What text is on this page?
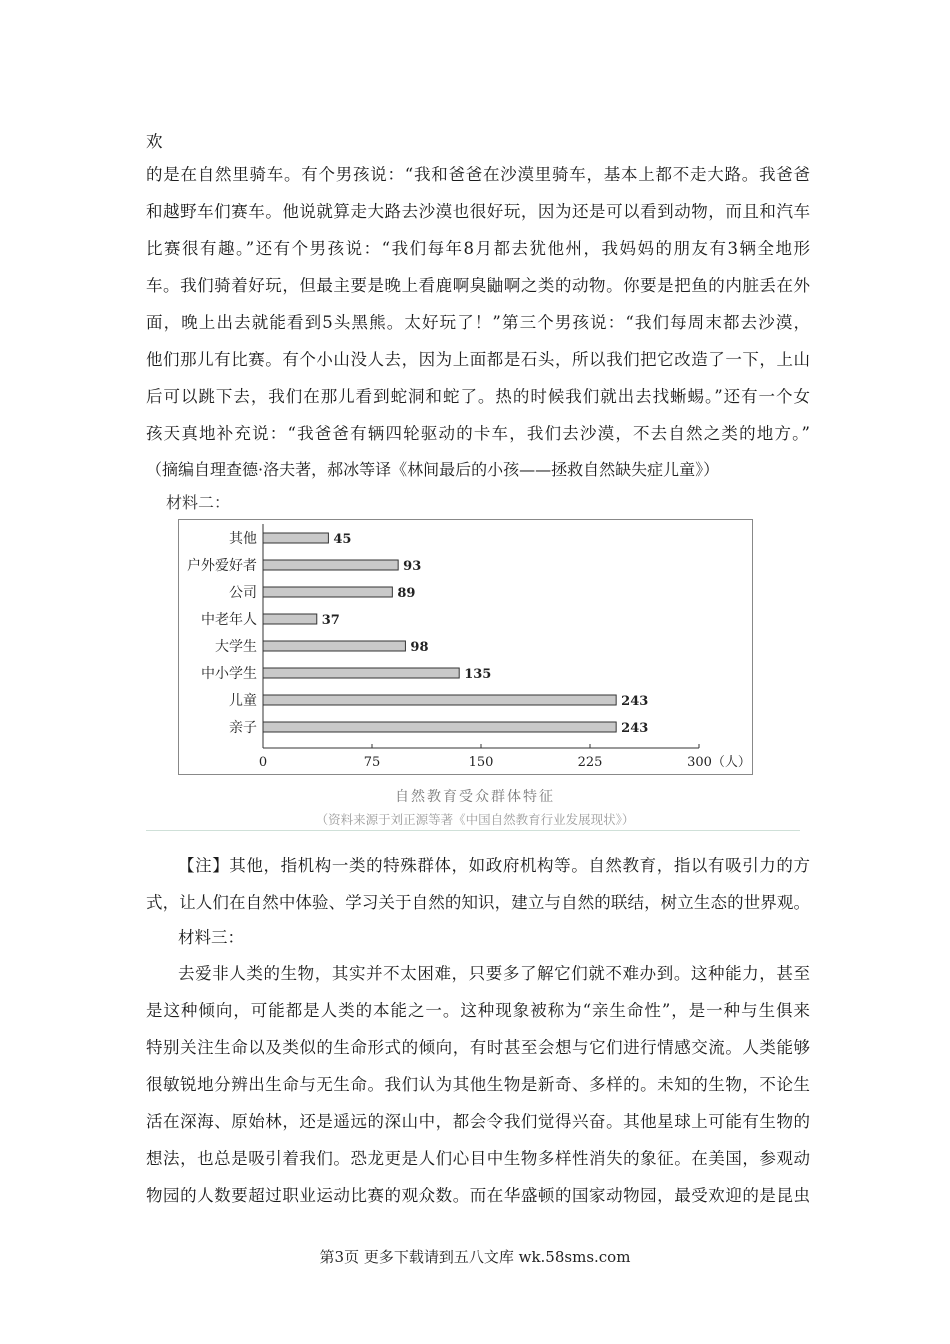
欢
的是在自然里骑车。有个男孩说：“我和爸爸在沙漠里骑车，基本上都不走大路。我爸爸
和越野车们赛车。他说就算走大路去沙漠也很好玩，因为还是可以看到动物，而且和汽车
比赛很有趣。”还有个男孩说：“我们每年8月都去犹他州，我妈妈的朋友有3辆全地形
车。我们骑着好玩，但最主要是晚上看鹿啊臭鼬啊之类的动物。你要是把鱼的内脏丢在外
面，晚上出去就能看到5头黑熊。太好玩了！”第三个男孩说：“我们每周末都去沙漠，
他们那儿有比赛。有个小山没人去，因为上面都是石头，所以我们把它改造了一下，上山
后可以跳下去，我们在那儿看到蛇洞和蛇了。热的时候我们就出去找蜥蜴。”还有一个女
孩天真地补充说：“我爸爸有辆四轮驱动的卡车，我们去沙漠，不去自然之类的地方。”
（摘编自理查德·洛夫著，郝冰等译《林间最后的小孩——拯救自然缺失症儿童》）
材料二：
0	75	150	225	300（人）
其他	45
户外爱好者	93
公司	89
中老年人	37
大学生	98
中小学生	135
儿童	243
亲子	243
自然教育受众群体特征
（资料来源于刘正源等著《中国自然教育行业发展现状》）
【注】其他，指机构一类的特殊群体，如政府机构等。自然教育，指以有吸引力的方
式，让人们在自然中体验、学习关于自然的知识，建立与自然的联结，树立生态的世界观。
材料三：
去爱非人类的生物，其实并不太困难，只要多了解它们就不难办到。这种能力，甚至
是这种倾向，可能都是人类的本能之一。这种现象被称为“亲生命性”，是一种与生俱来
特别关注生命以及类似的生命形式的倾向，有时甚至会想与它们进行情感交流。人类能够
很敏锐地分辨出生命与无生命。我们认为其他生物是新奇、多样的。未知的生物，不论生
活在深海、原始林，还是遥远的深山中，都会令我们觉得兴奋。其他星球上可能有生物的
想法，也总是吸引着我们。恐龙更是人们心目中生物多样性消失的象征。在美国，参观动
物园的人数要超过职业运动比赛的观众数。而在华盛顿的国家动物园，最受欢迎的是昆虫
第3页 更多下载请到五八文库 wk.58sms.com
